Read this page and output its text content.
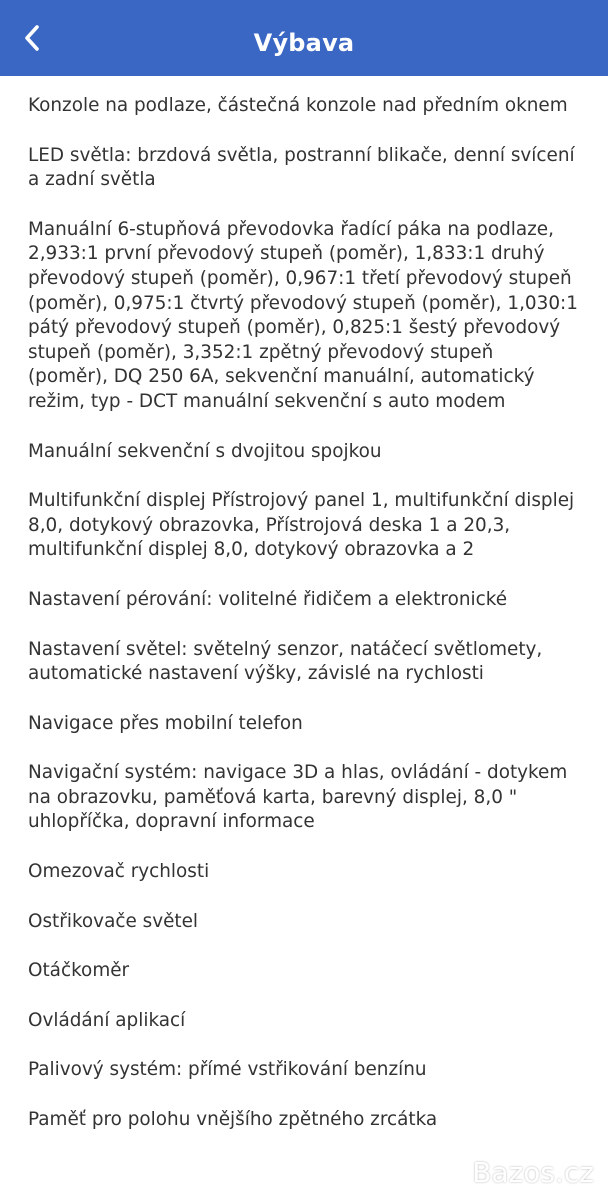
Výbava
Konzole na podlaze, částečná konzole nad předním oknem
LED světla: brzdová světla, postranní blikače, denní svícení a zadní světla
Manuální 6-stupňová převodovka řadící páka na podlaze, 2,933:1 první převodový stupeň (poměr), 1,833:1 druhý převodový stupeň (poměr), 0,967:1 třetí převodový stupeň (poměr), 0,975:1 čtvrtý převodový stupeň (poměr), 1,030:1 pátý převodový stupeň (poměr), 0,825:1 šestý převodový stupeň (poměr), 3,352:1 zpětný převodový stupeň (poměr), DQ 250 6A, sekvenční manuální, automatický režim, typ - DCT manuální sekvenční s auto modem
Manuální sekvenční s dvojitou spojkou
Multifunkční displej Přístrojový panel 1, multifunkční displej 8,0, dotykový obrazovka, Přístrojová deska 1 a 20,3, multifunkční displej 8,0, dotykový obrazovka a 2
Nastavení pérování: volitelné řidičem a elektronické
Nastavení světel: světelný senzor, natáčecí světlomety, automatické nastavení výšky, závislé na rychlosti
Navigace přes mobilní telefon
Navigační systém: navigace 3D a hlas, ovládání - dotykem na obrazovku, paměťová karta, barevný displej, 8,0 " uhlopříčka, dopravní informace
Omezovač rychlosti
Ostřikovače světel
Otáčkoměr
Ovládání aplikací
Palivový systém: přímé vstřikování benzínu
Paměť pro polohu vnějšího zpětného zrcátka
Bazos.cz
